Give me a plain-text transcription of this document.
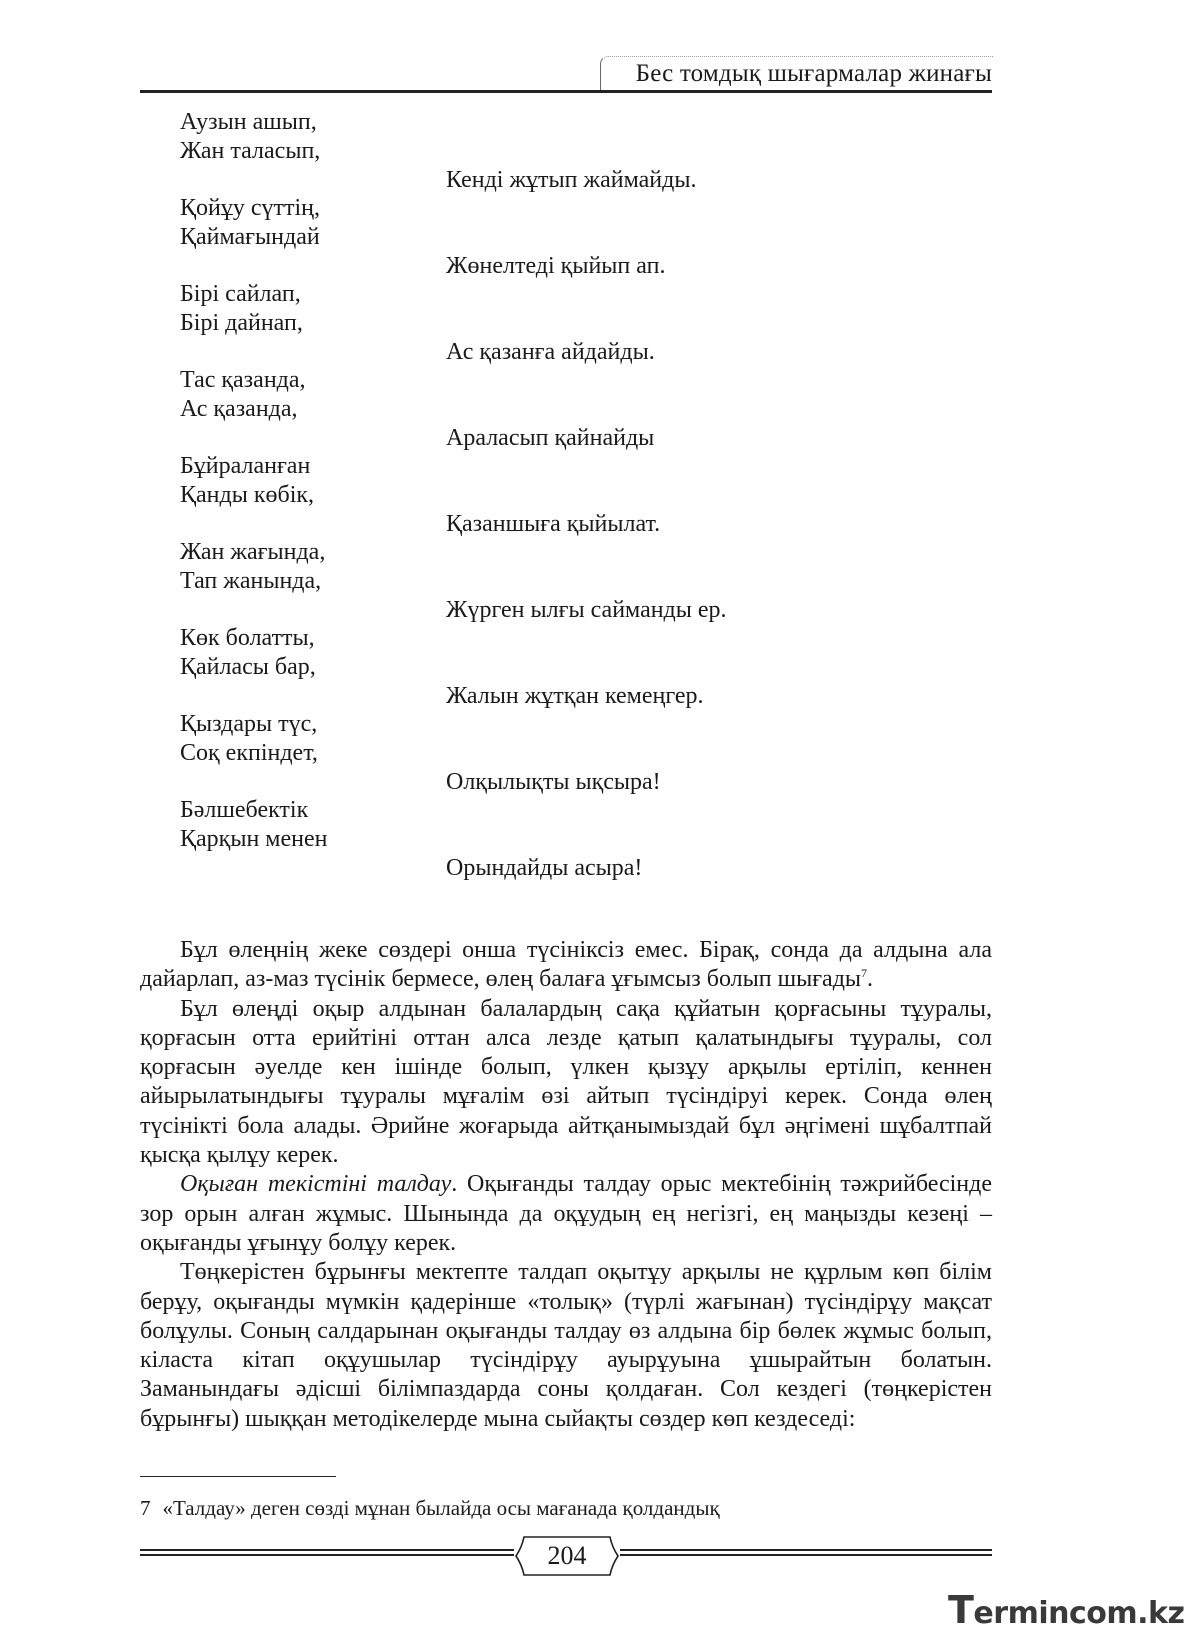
Бес томдық шығармалар жинағы
Аузын ашып,
Жан таласып,
Кенді жұтып жаймайды.
Қойұу сүттің,
Қаймағындай
Жөнелтеді қыйып ап.
Бірі сайлап,
Бірі дайнап,
Ас қазанға айдайды.
Тас қазанда,
Ас қазанда,
Араласып қайнайды
Бұйраланған
Қанды көбік,
Қазаншыға қыйылат.
Жан жағында,
Тап жанында,
Жүрген ылғы сайманды ер.
Көк болатты,
Қайласы бар,
Жалын жұтқан кемеңгер.
Қыздары түс,
Соқ екпіндет,
Олқылықты ықсыра!
Бәлшебектік
Қарқын менен
Орындайды асыра!

Бұл өлеңнің жеке сөздері онша түсініксіз емес. Бірақ, сонда да алдына ала дайарлап, аз-маз түсінік бермесе, өлең балаға ұғымсыз болып шығады$^7$.

Бұл өлеңді оқыр алдынан балалардың сақа құйатын қорғасыны тұуралы, қорғасын отта ерийтіні оттан алса лезде қатып қалатындығы тұуралы, сол қорғасын әуелде кен ішінде болып, үлкен қызұу арқылы ертіліп, кеннен айырылатындығы тұуралы мұғалім өзі айтып түсіндіруі керек. Сонда өлең түсінікті бола алады. Әрийне жоғарыда айтқанымыздай бұл әңгімені шұбалтпай қысқа қылұу керек.

Оқыған текістіні талдау. Оқығанды талдау орыс мектебінің тәжрийбесінде зор орын алған жұмыс. Шынында да оқұудың ең негізгі, ең маңызды кезеңі – оқығанды ұғынұу болұу керек.

Төңкерістен бұрынғы мектепте талдап оқытұу арқылы не құрлым көп білім берұу, оқығанды мүмкін қадерінше «толық» (түрлі жағынан) түсіндірұу мақсат болұулы. Соның салдарынан оқығанды талдау өз алдына бір бөлек жұмыс болып, кіласта кітап оқұушылар түсіндірұу ауырұуына ұшырайтын болатын. Заманындағы әдісші білімпаздарда соны қолдаған. Сол кездегі (төңкерістен бұрынғы) шыққан методікелерде мына сыйақты сөздер көп кездеседі:

7 «Талдау» деген сөзді мұнан былайда осы мағанада қолдандық
204
Termincom.kz
